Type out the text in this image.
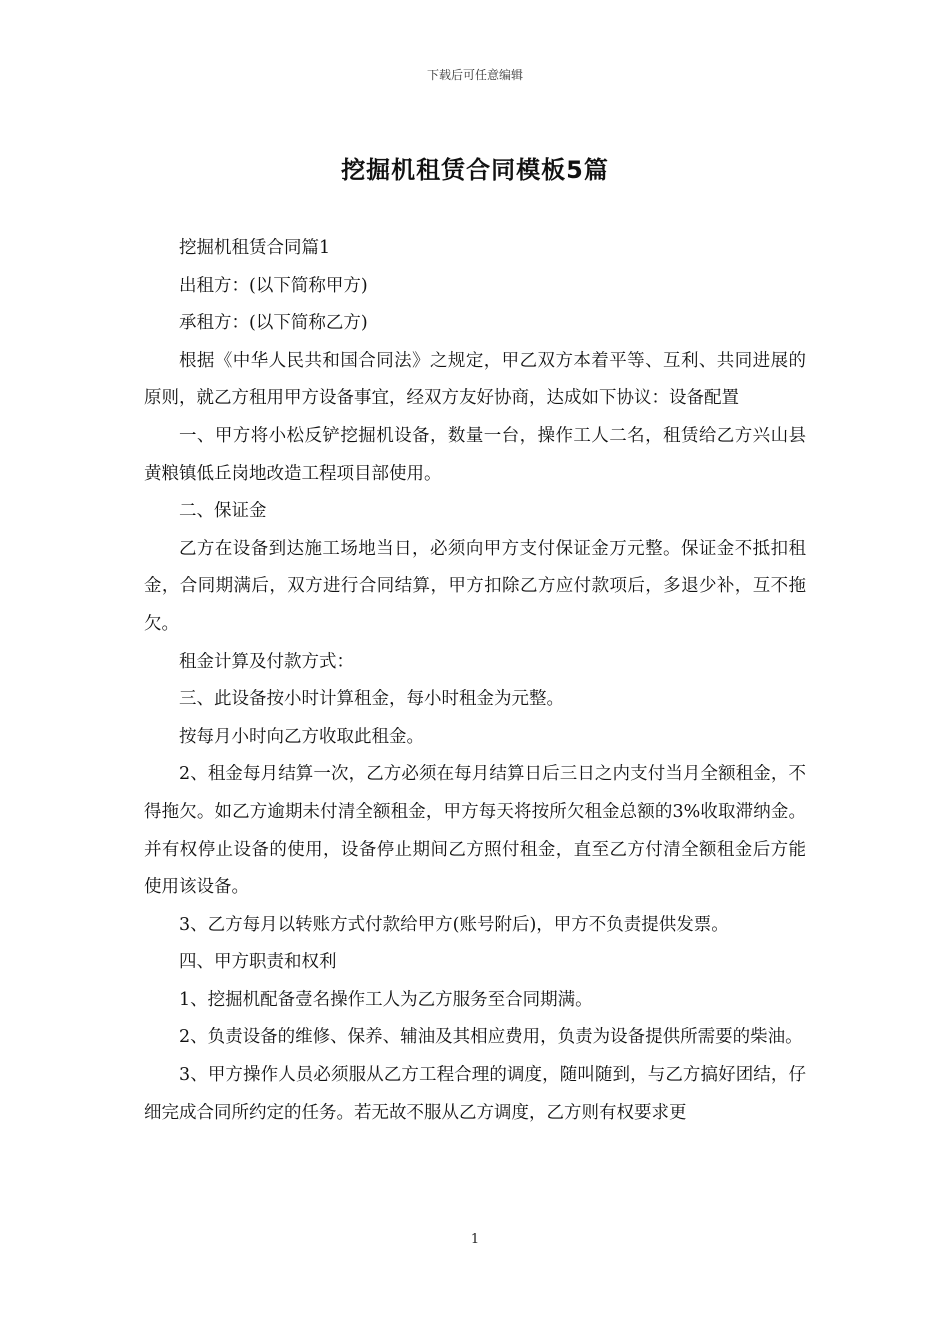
下载后可任意编辑
挖掘机租赁合同模板5篇

挖掘机租赁合同篇1

出租方：(以下简称甲方)

承租方：(以下简称乙方)

根据《中华人民共和国合同法》之规定，甲乙双方本着平等、互利、共同进展的原则，就乙方租用甲方设备事宜，经双方友好协商，达成如下协议：设备配置

一、甲方将小松反铲挖掘机设备，数量一台，操作工人二名，租赁给乙方兴山县黄粮镇低丘岗地改造工程项目部使用。

二、保证金

乙方在设备到达施工场地当日，必须向甲方支付保证金万元整。保证金不抵扣租金，合同期满后，双方进行合同结算，甲方扣除乙方应付款项后，多退少补，互不拖欠。

租金计算及付款方式：

三、此设备按小时计算租金，每小时租金为元整。

按每月小时向乙方收取此租金。

2、租金每月结算一次，乙方必须在每月结算日后三日之内支付当月全额租金，不得拖欠。如乙方逾期未付清全额租金，甲方每天将按所欠租金总额的3%收取滞纳金。并有权停止设备的使用，设备停止期间乙方照付租金，直至乙方付清全额租金后方能使用该设备。

3、乙方每月以转账方式付款给甲方(账号附后)，甲方不负责提供发票。

四、甲方职责和权利

1、挖掘机配备壹名操作工人为乙方服务至合同期满。

2、负责设备的维修、保养、辅油及其相应费用，负责为设备提供所需要的柴油。

3、甲方操作人员必须服从乙方工程合理的调度，随叫随到，与乙方搞好团结，仔细完成合同所约定的任务。若无故不服从乙方调度，乙方则有权要求更

1
